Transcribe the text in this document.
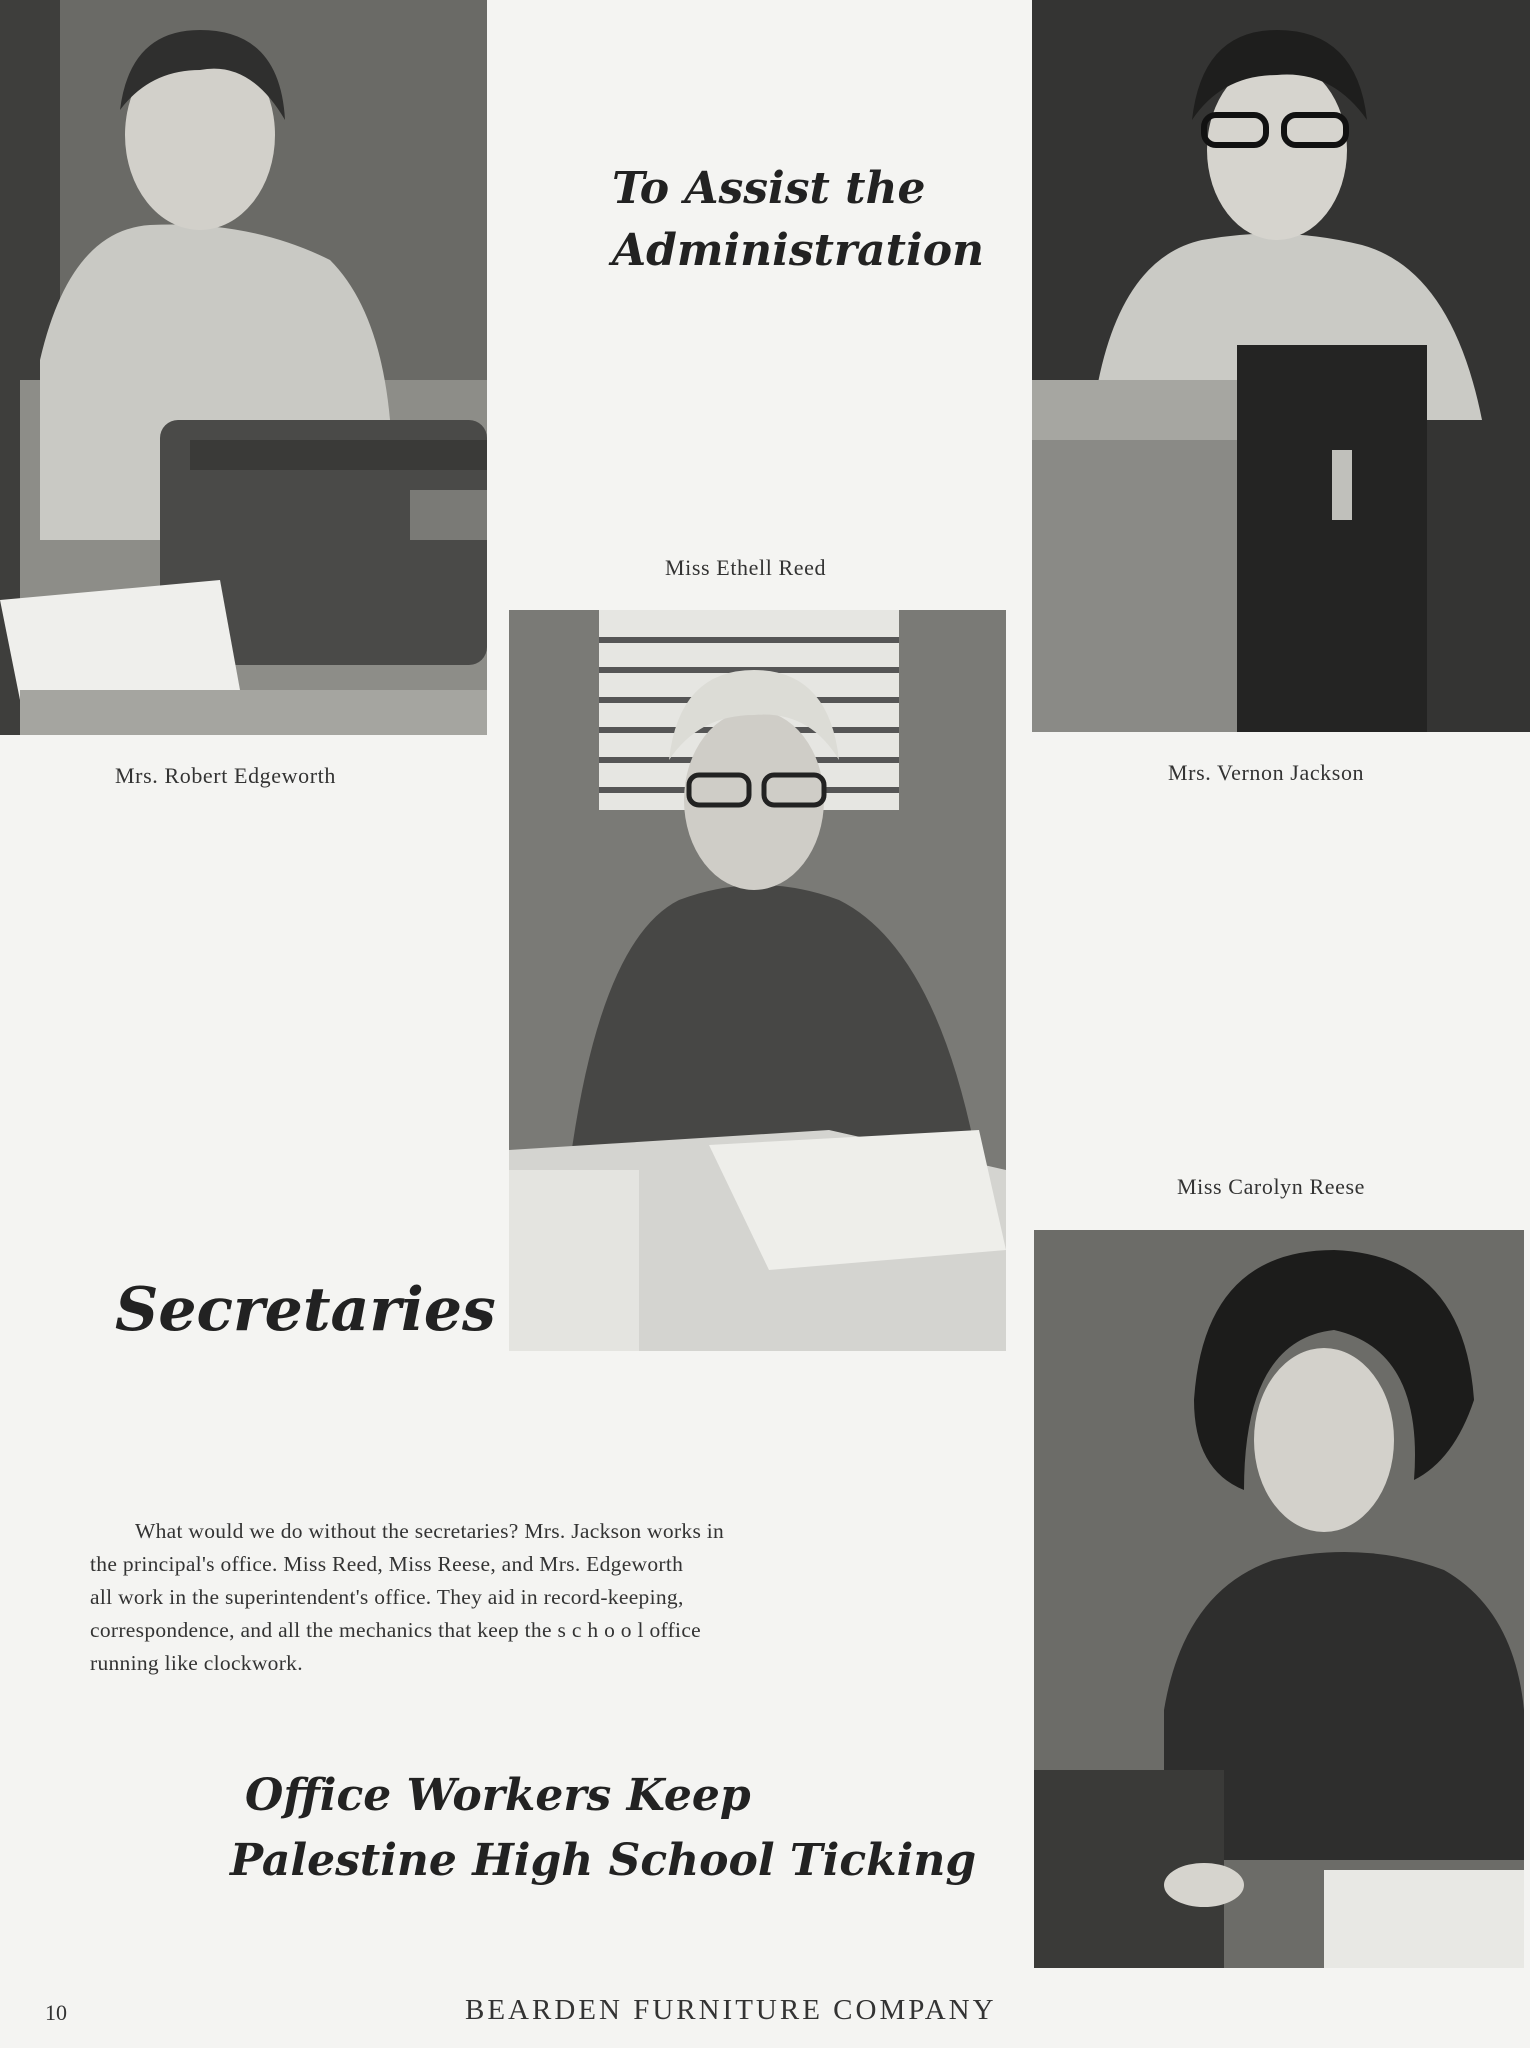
Mrs. Robert Edgeworth
To Assist the
Administration
Miss Ethell Reed
Mrs. Vernon Jackson
Secretaries
Miss Carolyn Reese
What would we do without the secretaries? Mrs. Jackson works in
the principal's office. Miss Reed, Miss Reese, and Mrs. Edgeworth
all work in the superintendent's office. They aid in record-keeping,
correspondence, and all the mechanics that keep the s c h o o l office
running like clockwork.
Office Workers Keep
Palestine High School Ticking
10	BEARDEN FURNITURE COMPANY
